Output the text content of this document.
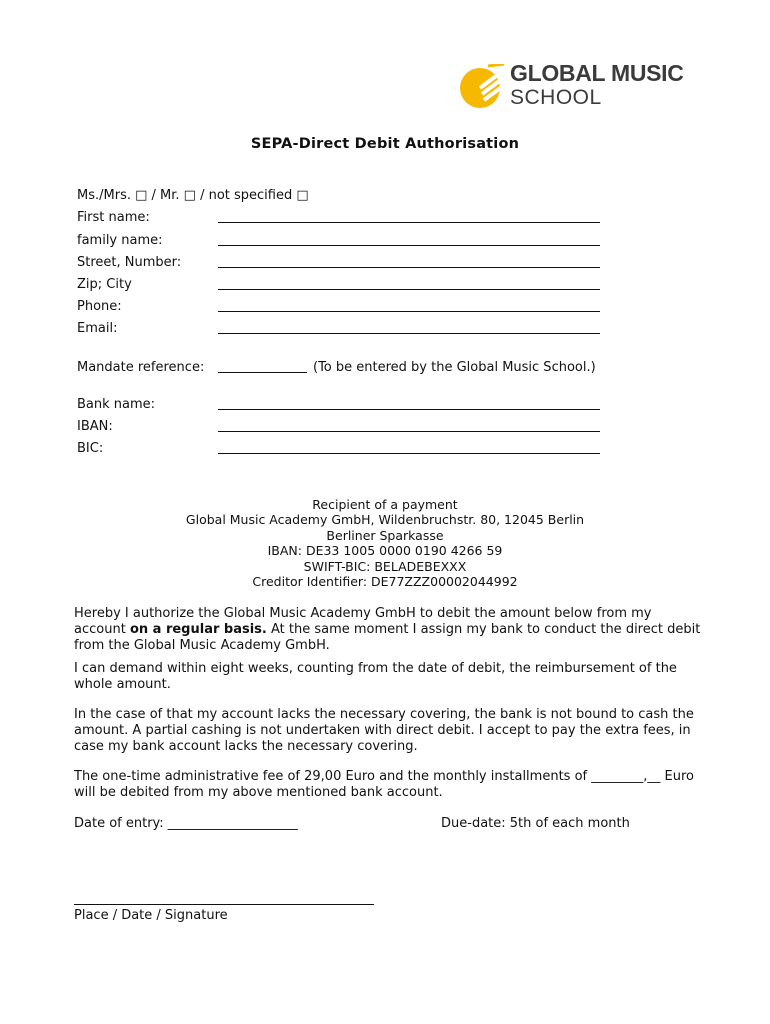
GLOBAL MUSIC
SCHOOL
SEPA-Direct Debit Authorisation
Ms./Mrs. □ / Mr. □ / not specified □
First name:
family name:
Street, Number:
Zip; City
Phone:
Email:
Mandate reference:	(To be entered by the Global Music School.)
Bank name:
IBAN:
BIC:
Recipient of a payment
Global Music Academy GmbH, Wildenbruchstr. 80, 12045 Berlin
Berliner Sparkasse
IBAN: DE33 1005 0000 0190 4266 59
SWIFT-BIC: BELADEBEXXX
Creditor Identifier: DE77ZZZ00002044992
Hereby I authorize the Global Music Academy GmbH to debit the amount below from my account on a regular basis. At the same moment I assign my bank to conduct the direct debit from the Global Music Academy GmbH.
I can demand within eight weeks, counting from the date of debit, the reimbursement of the whole amount.
In the case of that my account lacks the necessary covering, the bank is not bound to cash the amount. A partial cashing is not undertaken with direct debit. I accept to pay the extra fees, in case my bank account lacks the necessary covering.
The one-time administrative fee of 29,00 Euro and the monthly installments of ________,__ Euro will be debited from my above mentioned bank account.
Date of entry: ____________________	Due-date: 5th of each month
Place / Date / Signature
